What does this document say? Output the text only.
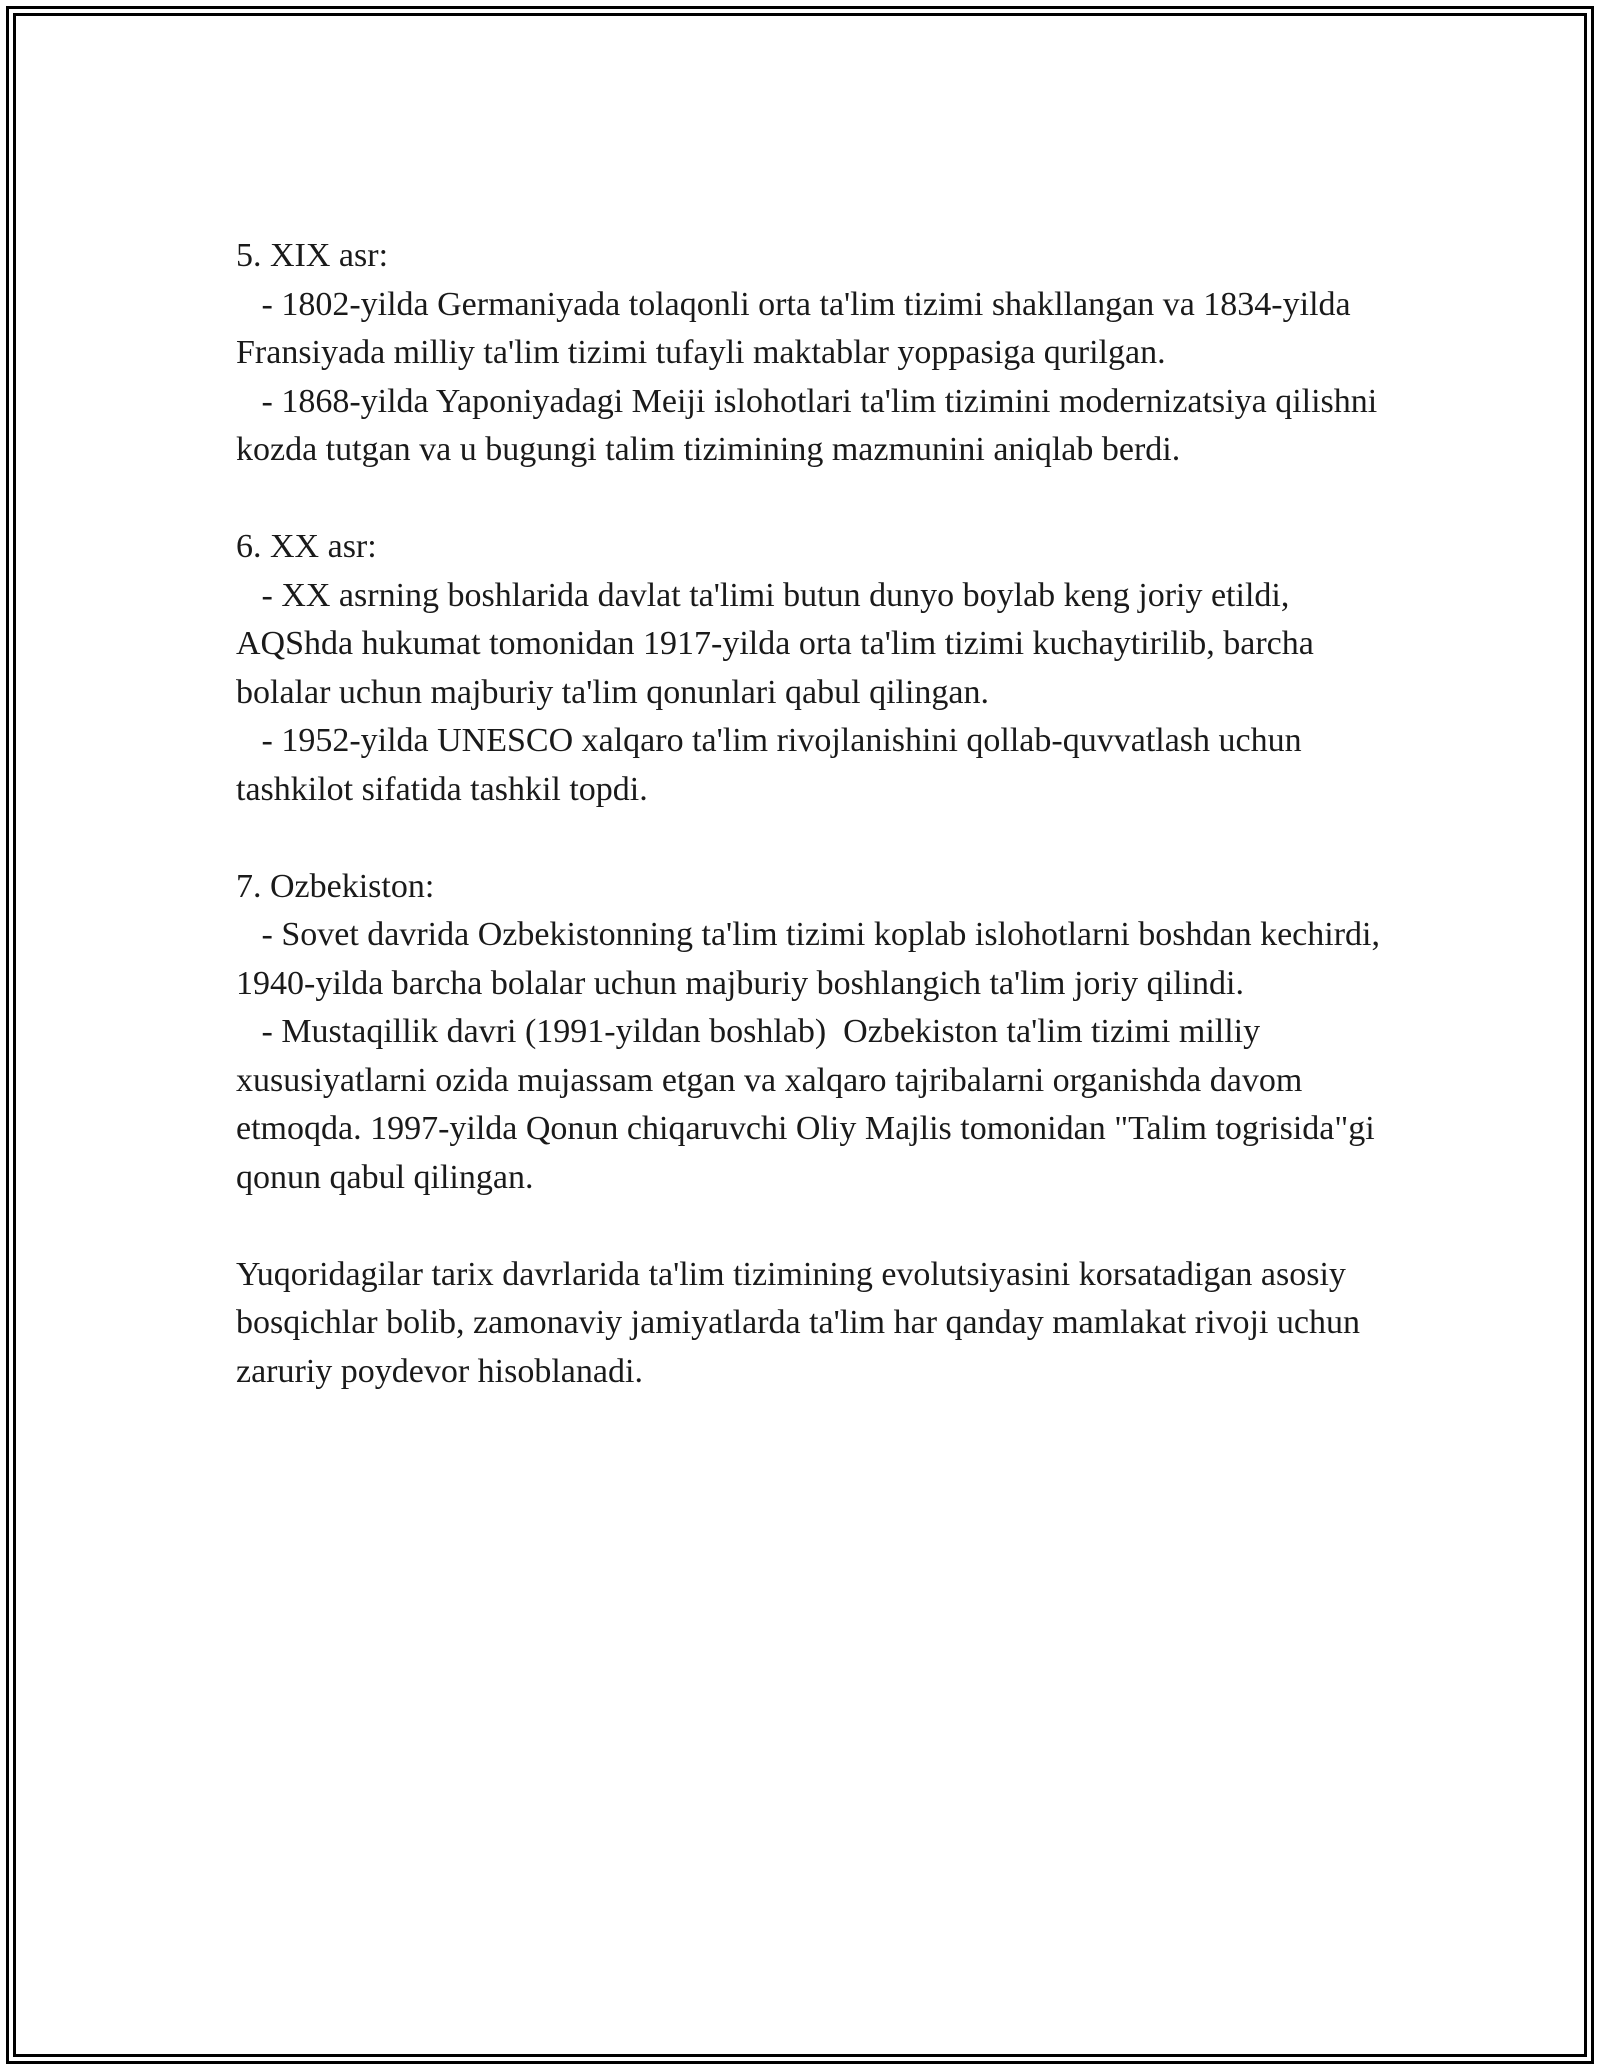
5. XIX asr:

- 1802-yilda Germaniyada tolaqonli orta ta'lim tizimi shakllangan va 1834-yilda Fransiyada milliy ta'lim tizimi tufayli maktablar yoppasiga qurilgan.

- 1868-yilda Yaponiyadagi Meiji islohotlari ta'lim tizimini modernizatsiya qilishni kozda tutgan va u bugungi talim tizimining mazmunini aniqlab berdi.

6. XX asr:

- XX asrning boshlarida davlat ta'limi butun dunyo boylab keng joriy etildi, AQShda hukumat tomonidan 1917-yilda orta ta'lim tizimi kuchaytirilib, barcha bolalar uchun majburiy ta'lim qonunlari qabul qilingan.

- 1952-yilda UNESCO xalqaro ta'lim rivojlanishini qollab-quvvatlash uchun tashkilot sifatida tashkil topdi.

7. Ozbekiston:

- Sovet davrida Ozbekistonning ta'lim tizimi koplab islohotlarni boshdan kechirdi, 1940-yilda barcha bolalar uchun majburiy boshlangich ta'lim joriy qilindi.

- Mustaqillik davri (1991-yildan boshlab)  Ozbekiston ta'lim tizimi milliy xususiyatlarni ozida mujassam etgan va xalqaro tajribalarni organishda davom etmoqda. 1997-yilda Qonun chiqaruvchi Oliy Majlis tomonidan "Talim togrisida"gi qonun qabul qilingan.

Yuqoridagilar tarix davrlarida ta'lim tizimining evolutsiyasini korsatadigan asosiy bosqichlar bolib, zamonaviy jamiyatlarda ta'lim har qanday mamlakat rivoji uchun zaruriy poydevor hisoblanadi.
